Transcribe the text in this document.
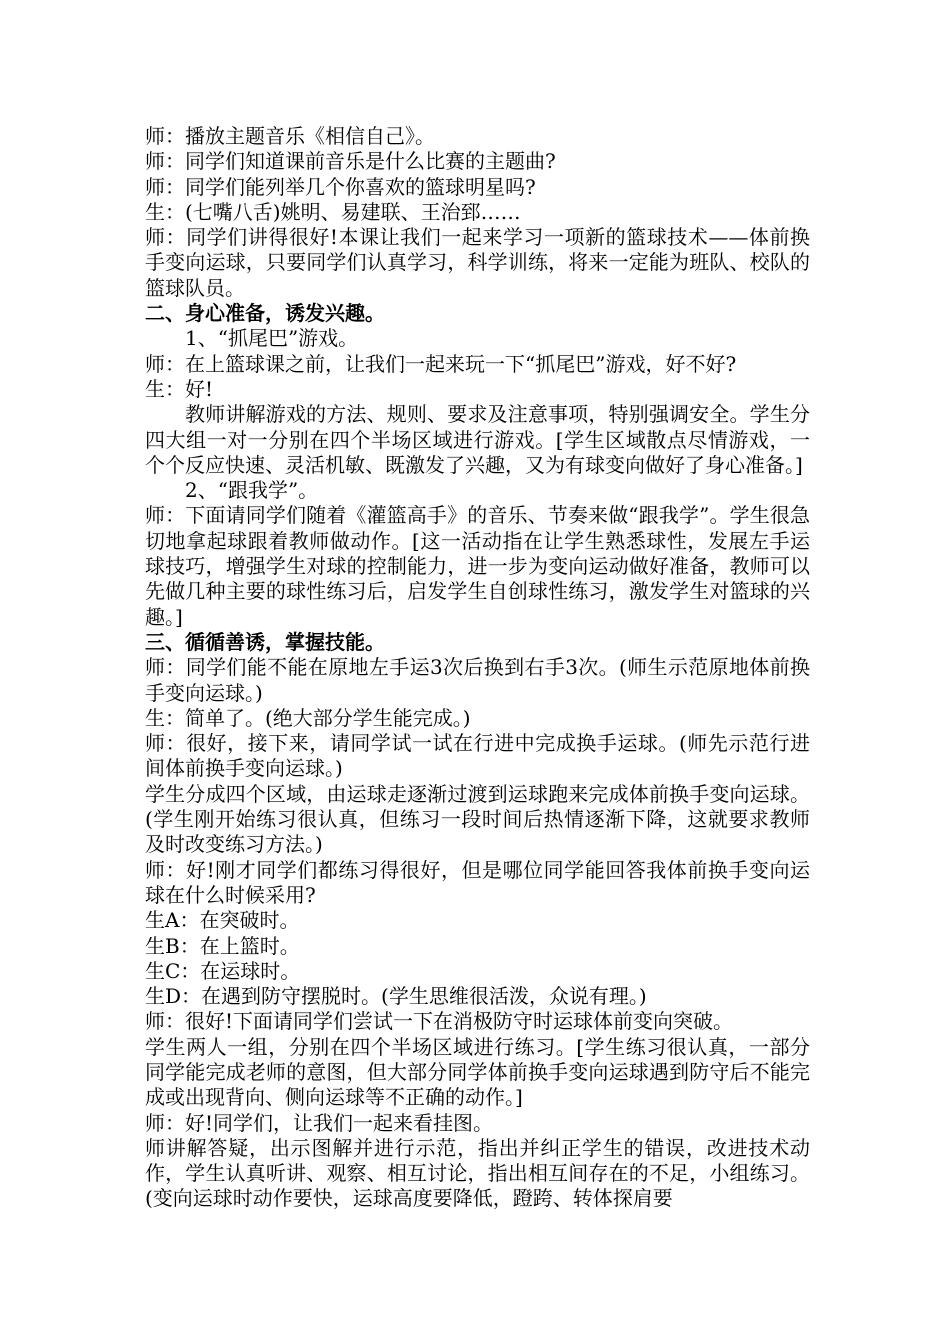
师：播放主题音乐《相信自己》。

师：同学们知道课前音乐是什么比赛的主题曲?

师：同学们能列举几个你喜欢的篮球明星吗?

生：(七嘴八舌)姚明、易建联、王治郅……

师：同学们讲得很好!本课让我们一起来学习一项新的篮球技术——体前换手变向运球，只要同学们认真学习，科学训练，将来一定能为班队、校队的篮球队员。

二、身心准备，诱发兴趣。

1、“抓尾巴”游戏。

师：在上篮球课之前，让我们一起来玩一下“抓尾巴”游戏，好不好?

生：好!

教师讲解游戏的方法、规则、要求及注意事项，特别强调安全。学生分四大组一对一分别在四个半场区域进行游戏。[学生区域散点尽情游戏，一个个反应快速、灵活机敏、既激发了兴趣，又为有球变向做好了身心准备。]

2、“跟我学”。

师：下面请同学们随着《灌篮高手》的音乐、节奏来做“跟我学”。学生很急切地拿起球跟着教师做动作。[这一活动指在让学生熟悉球性，发展左手运球技巧，增强学生对球的控制能力，进一步为变向运动做好准备，教师可以先做几种主要的球性练习后，启发学生自创球性练习，激发学生对篮球的兴趣。]

三、循循善诱，掌握技能。

师：同学们能不能在原地左手运3次后换到右手3次。(师生示范原地体前换手变向运球。)

生：简单了。(绝大部分学生能完成。)

师：很好，接下来，请同学试一试在行进中完成换手运球。(师先示范行进间体前换手变向运球。)

学生分成四个区域，由运球走逐渐过渡到运球跑来完成体前换手变向运球。(学生刚开始练习很认真，但练习一段时间后热情逐渐下降，这就要求教师及时改变练习方法。)

师：好!刚才同学们都练习得很好，但是哪位同学能回答我体前换手变向运球在什么时候采用?

生A：在突破时。

生B：在上篮时。

生C：在运球时。

生D：在遇到防守摆脱时。(学生思维很活泼，众说有理。)

师：很好!下面请同学们尝试一下在消极防守时运球体前变向突破。

学生两人一组，分别在四个半场区域进行练习。[学生练习很认真，一部分同学能完成老师的意图，但大部分同学体前换手变向运球遇到防守后不能完成或出现背向、侧向运球等不正确的动作。]

师：好!同学们，让我们一起来看挂图。

师讲解答疑，出示图解并进行示范，指出并纠正学生的错误，改进技术动作，学生认真听讲、观察、相互讨论，指出相互间存在的不足，小组练习。(变向运球时动作要快，运球高度要降低，蹬跨、转体探肩要
